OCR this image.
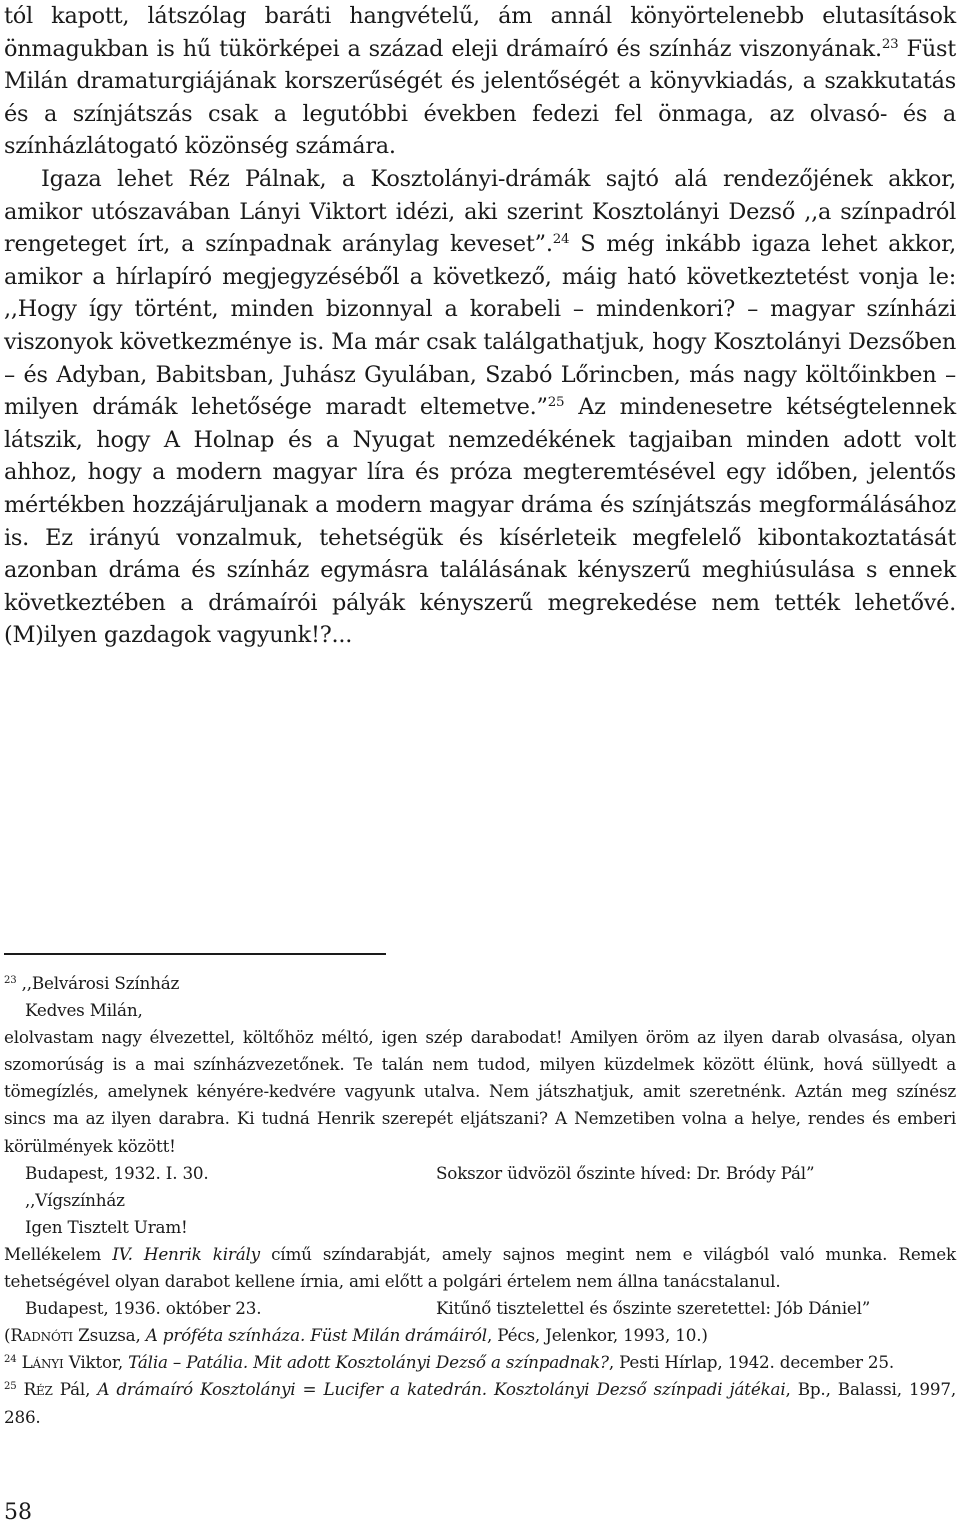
tól kapott, látszólag baráti hangvételű, ám annál könyörtelenebb elutasítások önmagukban is hű tükörképei a század eleji drámaíró és színház viszonyának.$^{23}$ Füst Milán dramaturgiájának korszerűségét és jelentőségét a könyvkiadás, a szakkutatás és a színjátszás csak a legutóbbi években fedezi fel önmaga, az olvasó- és a színházlátogató közönség számára.

Igaza lehet Réz Pálnak, a Kosztolányi-drámák sajtó alá rendezőjének akkor, amikor utószavában Lányi Viktort idézi, aki szerint Kosztolányi Dezső ,,a színpadról rengeteget írt, a színpadnak aránylag keveset”.$^{24}$ S még inkább igaza lehet akkor, amikor a hírlapíró megjegyzéséből a következő, máig ható következtetést vonja le: ,,Hogy így történt, minden bizonnyal a korabeli – mindenkori? – magyar színházi viszonyok következménye is. Ma már csak találgathatjuk, hogy Kosztolányi Dezsőben – és Adyban, Babitsban, Juhász Gyulában, Szabó Lőrincben, más nagy költőinkben – milyen drámák lehetősége maradt eltemetve.”$^{25}$ Az mindenesetre kétségtelennek látszik, hogy A Holnap és a Nyugat nemzedékének tagjaiban minden adott volt ahhoz, hogy a modern magyar líra és próza megteremtésével egy időben, jelentős mértékben hozzájáruljanak a modern magyar dráma és színjátszás megformálásához is. Ez irányú vonzalmuk, tehetségük és kísérleteik megfelelő kibontakoztatását azonban dráma és színház egymásra találásának kényszerű meghiúsulása s ennek következtében a drámaírói pályák kényszerű megrekedése nem tették lehetővé. (M)ilyen gazdagok vagyunk!?...

$^{23}$ ,,Belvárosi Színház

Kedves Milán,

elolvastam nagy élvezettel, költőhöz méltó, igen szép darabodat! Amilyen öröm az ilyen darab olvasása, olyan szomorúság is a mai színházvezetőnek. Te talán nem tudod, milyen küzdelmek között élünk, hová süllyedt a tömegízlés, amelynek kényére-kedvére vagyunk utalva. Nem játszhatjuk, amit szeretnénk. Aztán meg színész sincs ma az ilyen darabra. Ki tudná Henrik szerepét eljátszani? A Nemzetiben volna a helye, rendes és emberi körülmények között!

Budapest, 1932. I. 30.	Sokszor üdvözöl őszinte híved: Dr. Bródy Pál”

,,Vígszínház

Igen Tisztelt Uram!

Mellékelem IV. Henrik király című színdarabját, amely sajnos megint nem e világból való munka. Remek tehetségével olyan darabot kellene írnia, ami előtt a polgári értelem nem állna tanácstalanul.

Budapest, 1936. október 23.	Kitűnő tisztelettel és őszinte szeretettel: Jób Dániel”

(Radnóti Zsuzsa, A próféta színháza. Füst Milán drámáiról, Pécs, Jelenkor, 1993, 10.)

$^{24}$ Lányi Viktor, Tália – Patália. Mit adott Kosztolányi Dezső a színpadnak?, Pesti Hírlap, 1942. december 25.

$^{25}$ Réz Pál, A drámaíró Kosztolányi = Lucifer a katedrán. Kosztolányi Dezső színpadi játékai, Bp., Balassi, 1997, 286.

58
